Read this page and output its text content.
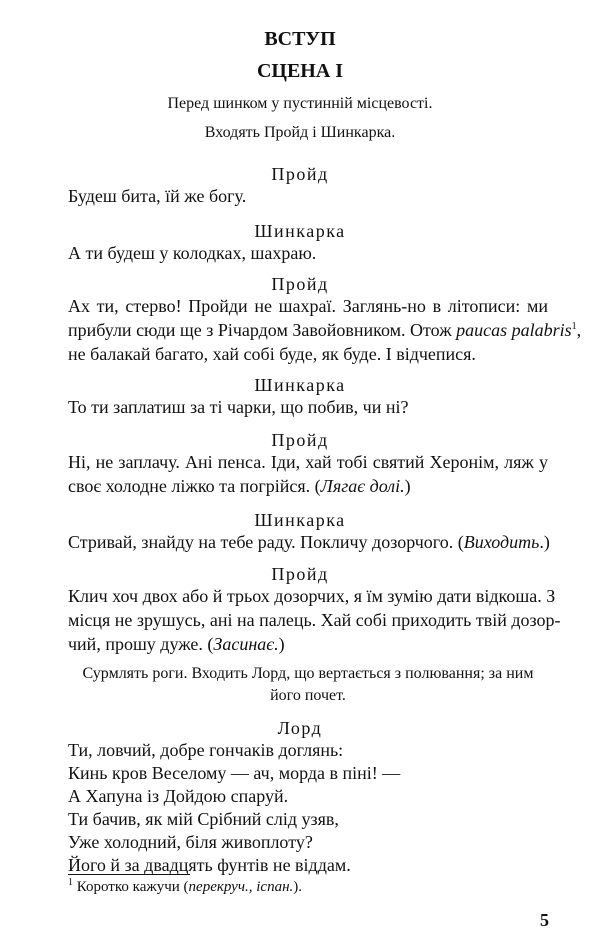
ВСТУП
СЦЕНА І
Перед шинком у пустинній місцевості.
Входять Пройд і Шинкарка.
Пройд
Будеш бита, їй же богу.
Шинкарка
А ти будеш у колодках, шахраю.
Пройд
Ах ти, стерво! Пройди не шахраї. Заглянь-но в літописи: ми
прибули сюди ще з Річардом Завойовником. Отож paucas palabris$^1$,
не балакай багато, хай собі буде, як буде. І відчепися.
Шинкарка
То ти заплатиш за ті чарки, що побив, чи ні?
Пройд
Ні, не заплачу. Ані пенса. Іди, хай тобі святий Херонім, ляж у
своє холодне ліжко та погрійся. (Лягає долі.)
Шинкарка
Стривай, знайду на тебе раду. Покличу дозорчого. (Виходить.)
Пройд
Клич хоч двох або й трьох дозорчих, я їм зумію дати відкоша. З
місця не зрушусь, ані на палець. Хай собі приходить твій дозор-
чий, прошу дуже. (Засинає.)
Сурмлять роги. Входить Лорд, що вертається з полювання; за ним його почет.
Лорд
Ти, ловчий, добре гончаків доглянь:
Кинь кров Веселому — ач, морда в піні! —
А Хапуна із Дойдою спаруй.
Ти бачив, як мій Срібний слід узяв,
Уже холодний, біля живоплоту?
Його й за двадцять фунтів не віддам.
$^1$ Коротко кажучи (перекруч., ісnан.).
5
